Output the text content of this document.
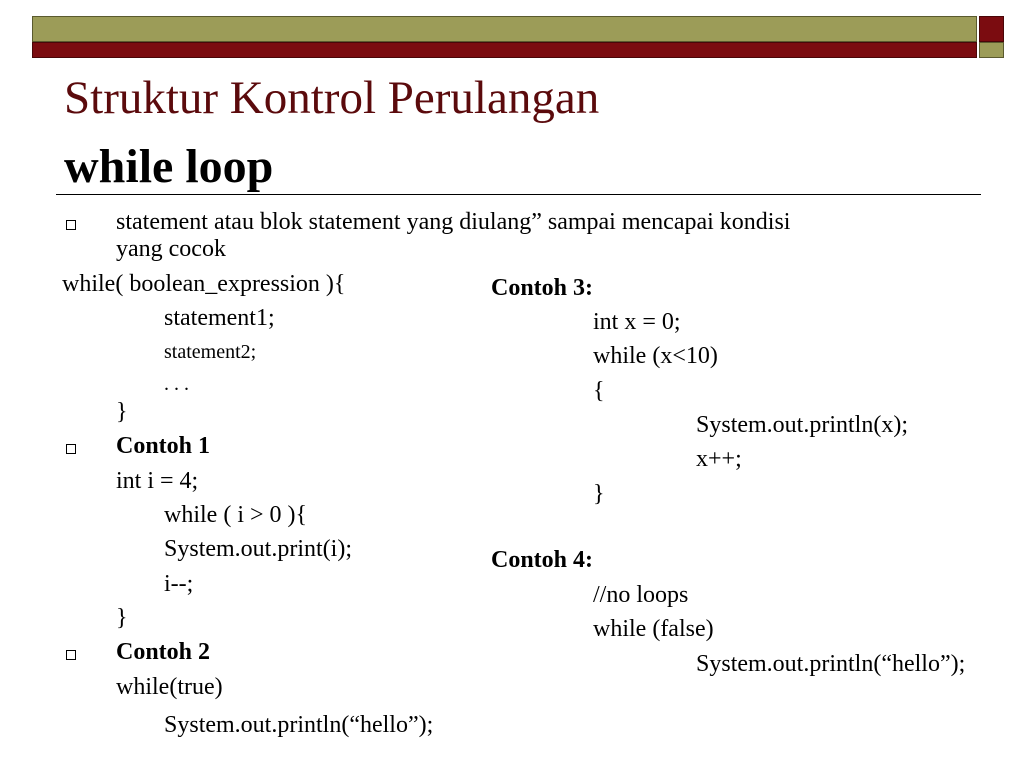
Struktur Kontrol Perulangan
while loop
statement atau blok statement yang diulang” sampai mencapai kondisi
yang cocok
while( boolean_expression ){
statement1;
statement2;
. . .
}
Contoh 1
int i = 4;
while ( i > 0 ){
System.out.print(i);
i--;
}
Contoh 2
while(true)
System.out.println(“hello”);
Contoh 3:
int x = 0;
while (x<10)
{
System.out.println(x);
x++;
}
Contoh 4:
//no loops
while (false)
System.out.println(“hello”);
